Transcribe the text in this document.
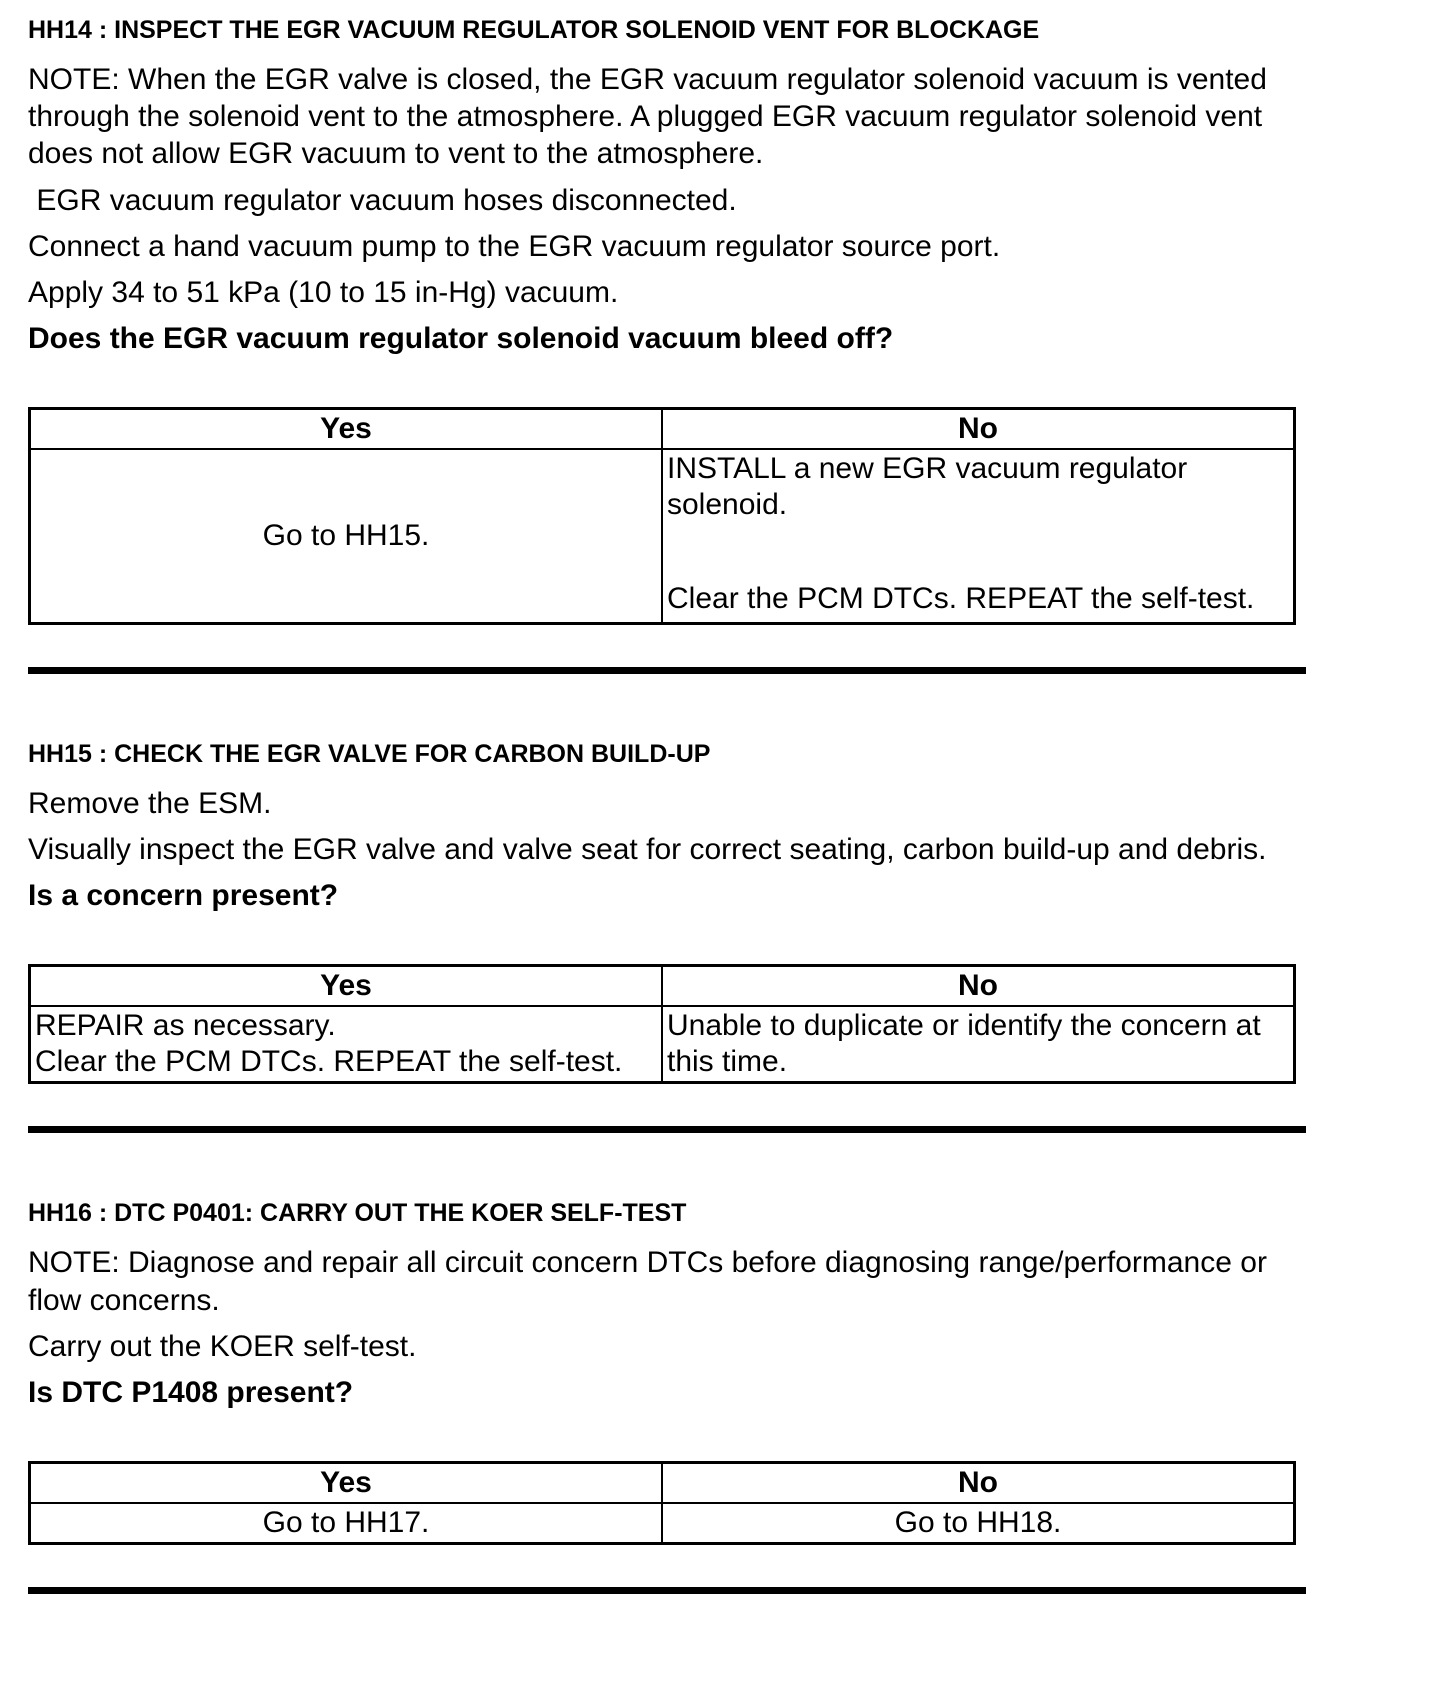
HH14 : INSPECT THE EGR VACUUM REGULATOR SOLENOID VENT FOR BLOCKAGE

NOTE: When the EGR valve is closed, the EGR vacuum regulator solenoid vacuum is vented through the solenoid vent to the atmosphere. A plugged EGR vacuum regulator solenoid vent does not allow EGR vacuum to vent to the atmosphere.

EGR vacuum regulator vacuum hoses disconnected.

Connect a hand vacuum pump to the EGR vacuum regulator source port.

Apply 34 to 51 kPa (10 to 15 in-Hg) vacuum.

Does the EGR vacuum regulator solenoid vacuum bleed off?

Yes	No
Go to HH15.	INSTALL a new EGR vacuum regulator solenoid.
Clear the PCM DTCs. REPEAT the self-test.
HH15 : CHECK THE EGR VALVE FOR CARBON BUILD-UP

Remove the ESM.

Visually inspect the EGR valve and valve seat for correct seating, carbon build-up and debris.

Is a concern present?

Yes	No

REPAIR as necessary.
Clear the PCM DTCs. REPEAT the self-test.	Unable to duplicate or identify the concern at this time.
HH16 : DTC P0401: CARRY OUT THE KOER SELF-TEST

NOTE: Diagnose and repair all circuit concern DTCs before diagnosing range/performance or flow concerns.

Carry out the KOER self-test.

Is DTC P1408 present?

Yes	No
Go to HH17.	Go to HH18.
